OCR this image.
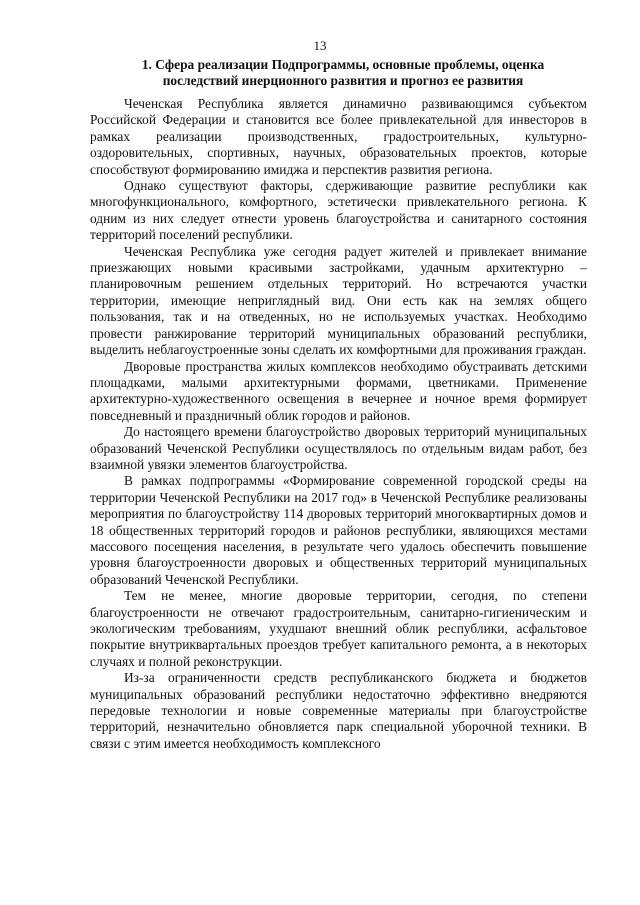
13
1. Сфера реализации Подпрограммы, основные проблемы, оценка последствий инерционного развития и прогноз ее развития

Чеченская Республика является динамично развивающимся субъектом Российской Федерации и становится все более привлекательной для инвесторов в рамках реализации производственных, градостроительных, культурно-оздоровительных, спортивных, научных, образовательных проектов, которые способствуют формированию имиджа и перспектив развития региона.

Однако существуют факторы, сдерживающие развитие республики как многофункционального, комфортного, эстетически привлекательного региона. К одним из них следует отнести уровень благоустройства и санитарного состояния территорий поселений республики.

Чеченская Республика уже сегодня радует жителей и привлекает внимание приезжающих новыми красивыми застройками, удачным архитектурно – планировочным решением отдельных территорий. Но встречаются участки территории, имеющие неприглядный вид. Они есть как на землях общего пользования, так и на отведенных, но не используемых участках. Необходимо провести ранжирование территорий муниципальных образований республики, выделить неблагоустроенные зоны сделать их комфортными для проживания граждан.

Дворовые пространства жилых комплексов необходимо обустраивать детскими площадками, малыми архитектурными формами, цветниками. Применение архитектурно-художественного освещения в вечернее и ночное время формирует повседневный и праздничный облик городов и районов.

До настоящего времени благоустройство дворовых территорий муниципальных образований Чеченской Республики осуществлялось по отдельным видам работ, без взаимной увязки элементов благоустройства.

В рамках подпрограммы «Формирование современной городской среды на территории Чеченской Республики на 2017 год» в Чеченской Республике реализованы мероприятия по благоустройству 114 дворовых территорий многоквартирных домов и 18 общественных территорий городов и районов республики, являющихся местами массового посещения населения, в результате чего удалось обеспечить повышение уровня благоустроенности дворовых и общественных территорий муниципальных образований Чеченской Республики.

Тем не менее, многие дворовые территории, сегодня, по степени благоустроенности не отвечают градостроительным, санитарно-гигиеническим и экологическим требованиям, ухудшают внешний облик республики, асфальтовое покрытие внутриквартальных проездов требует капитального ремонта, а в некоторых случаях и полной реконструкции.

Из-за ограниченности средств республиканского бюджета и бюджетов муниципальных образований республики недостаточно эффективно внедряются передовые технологии и новые современные материалы при благоустройстве территорий, незначительно обновляется парк специальной уборочной техники. В связи с этим имеется необходимость комплексного
